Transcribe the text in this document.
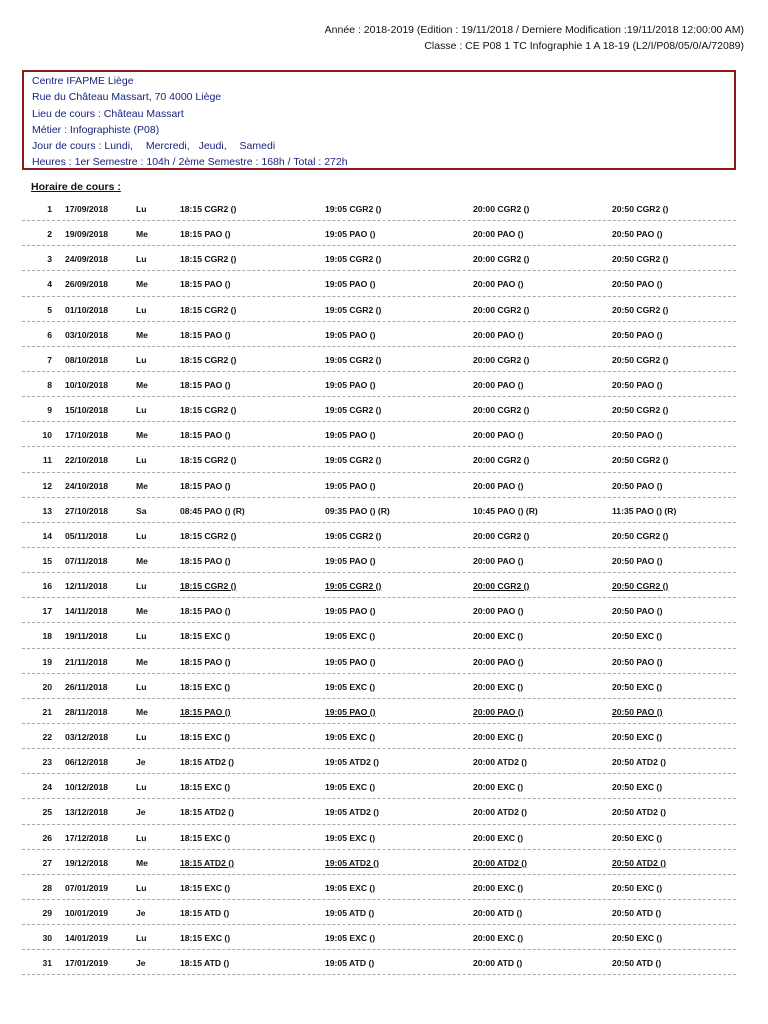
Année : 2018-2019 (Edition : 19/11/2018 / Derniere Modification :19/11/2018 12:00:00 AM)
Classe : CE P08 1 TC Infographie 1 A 18-19 (L2/I/P08/05/0/A/72089)
Centre IFAPME Liège
Rue du Château Massart, 70 4000 Liège
Lieu de cours : Château Massart
Métier : Infographiste (P08)
Jour de cours : Lundi, Mercredi, Jeudi, Samedi
Heures : 1er Semestre : 104h / 2ème Semestre : 168h / Total : 272h
Horaire de cours :
1 17/09/2018	Lu	18:15 CGR2 ()	19:05 CGR2 ()	20:00 CGR2 ()	20:50 CGR2 ()
2 19/09/2018	Me	18:15 PAO ()	19:05 PAO ()	20:00 PAO ()	20:50 PAO ()
3 24/09/2018	Lu	18:15 CGR2 ()	19:05 CGR2 ()	20:00 CGR2 ()	20:50 CGR2 ()
4 26/09/2018	Me	18:15 PAO ()	19:05 PAO ()	20:00 PAO ()	20:50 PAO ()
5 01/10/2018	Lu	18:15 CGR2 ()	19:05 CGR2 ()	20:00 CGR2 ()	20:50 CGR2 ()
6 03/10/2018	Me	18:15 PAO ()	19:05 PAO ()	20:00 PAO ()	20:50 PAO ()
7 08/10/2018	Lu	18:15 CGR2 ()	19:05 CGR2 ()	20:00 CGR2 ()	20:50 CGR2 ()
8 10/10/2018	Me	18:15 PAO ()	19:05 PAO ()	20:00 PAO ()	20:50 PAO ()
9 15/10/2018	Lu	18:15 CGR2 ()	19:05 CGR2 ()	20:00 CGR2 ()	20:50 CGR2 ()
10 17/10/2018	Me	18:15 PAO ()	19:05 PAO ()	20:00 PAO ()	20:50 PAO ()
11 22/10/2018	Lu	18:15 CGR2 ()	19:05 CGR2 ()	20:00 CGR2 ()	20:50 CGR2 ()
12 24/10/2018	Me	18:15 PAO ()	19:05 PAO ()	20:00 PAO ()	20:50 PAO ()
13 27/10/2018	Sa	08:45 PAO () (R)	09:35 PAO () (R)	10:45 PAO () (R)	11:35 PAO () (R)
14 05/11/2018	Lu	18:15 CGR2 ()	19:05 CGR2 ()	20:00 CGR2 ()	20:50 CGR2 ()
15 07/11/2018	Me	18:15 PAO ()	19:05 PAO ()	20:00 PAO ()	20:50 PAO ()
16 12/11/2018	Lu	18:15 CGR2 ()	19:05 CGR2 ()	20:00 CGR2 ()	20:50 CGR2 ()
17 14/11/2018	Me	18:15 PAO ()	19:05 PAO ()	20:00 PAO ()	20:50 PAO ()
18 19/11/2018	Lu	18:15 EXC ()	19:05 EXC ()	20:00 EXC ()	20:50 EXC ()
19 21/11/2018	Me	18:15 PAO ()	19:05 PAO ()	20:00 PAO ()	20:50 PAO ()
20 26/11/2018	Lu	18:15 EXC ()	19:05 EXC ()	20:00 EXC ()	20:50 EXC ()
21 28/11/2018	Me	18:15 PAO ()	19:05 PAO ()	20:00 PAO ()	20:50 PAO ()
22 03/12/2018	Lu	18:15 EXC ()	19:05 EXC ()	20:00 EXC ()	20:50 EXC ()
23 06/12/2018	Je	18:15 ATD2 ()	19:05 ATD2 ()	20:00 ATD2 ()	20:50 ATD2 ()
24 10/12/2018	Lu	18:15 EXC ()	19:05 EXC ()	20:00 EXC ()	20:50 EXC ()
25 13/12/2018	Je	18:15 ATD2 ()	19:05 ATD2 ()	20:00 ATD2 ()	20:50 ATD2 ()
26 17/12/2018	Lu	18:15 EXC ()	19:05 EXC ()	20:00 EXC ()	20:50 EXC ()
27 19/12/2018	Me	18:15 ATD2 ()	19:05 ATD2 ()	20:00 ATD2 ()	20:50 ATD2 ()
28 07/01/2019	Lu	18:15 EXC ()	19:05 EXC ()	20:00 EXC ()	20:50 EXC ()
29 10/01/2019	Je	18:15 ATD ()	19:05 ATD ()	20:00 ATD ()	20:50 ATD ()
30 14/01/2019	Lu	18:15 EXC ()	19:05 EXC ()	20:00 EXC ()	20:50 EXC ()
31 17/01/2019	Je	18:15 ATD ()	19:05 ATD ()	20:00 ATD ()	20:50 ATD ()
